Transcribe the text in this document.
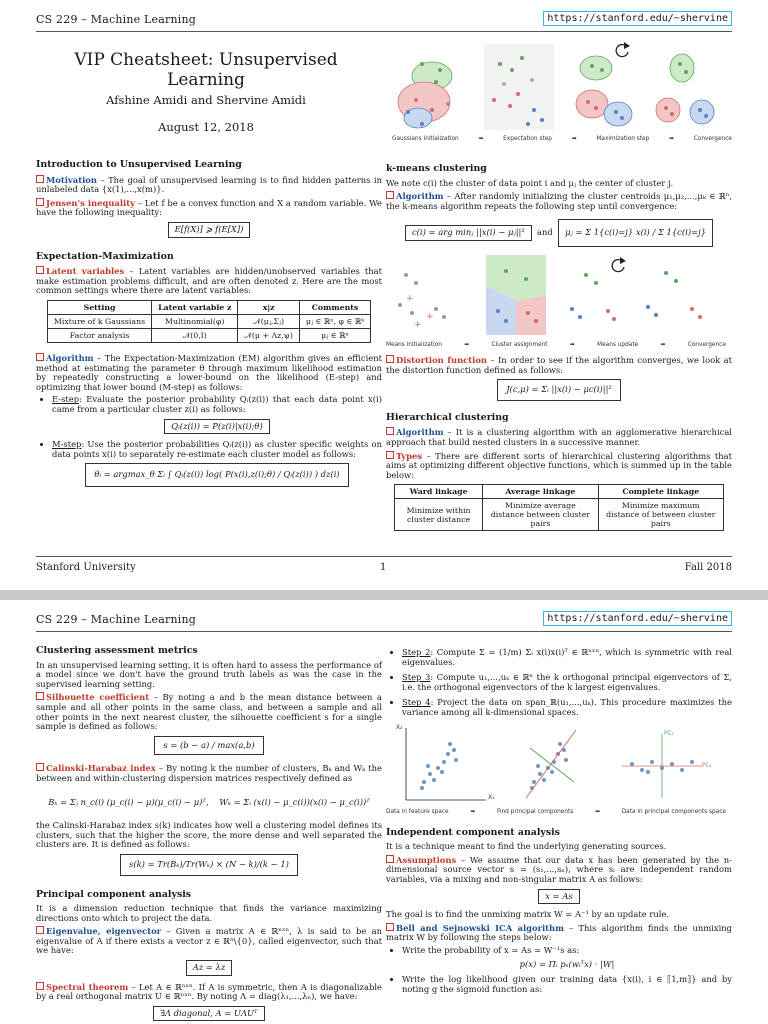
CS 229 – Machine Learning	https://stanford.edu/~shervine
VIP Cheatsheet: Unsupervised Learning
Afshine Amidi and Shervine Amidi
August 12, 2018
Gaussians initialization	➡	Expectation step	➡	Maximization step	➡	Convergence
Introduction to Unsupervised Learning

Motivation – The goal of unsupervised learning is to find hidden patterns in unlabeled data {x(1),...,x(m)}.

Jensen's inequality – Let f be a convex function and X a random variable. We have the following inequality:

E[f(X)] ⩾ f(E[X])
Expectation-Maximization

Latent variables – Latent variables are hidden/unobserved variables that make estimation problems difficult, and are often denoted z. Here are the most common settings where there are latent variables:

Setting	Latent variable z	x|z	Comments
Mixture of k Gaussians	Multinomial(φ)	𝒩(μⱼ,Σⱼ)	μⱼ ∈ ℝⁿ, φ ∈ ℝᵏ
Factor analysis	𝒩(0,I)	𝒩(μ + Λz,ψ)	μⱼ ∈ ℝⁿ

Algorithm – The Expectation-Maximization (EM) algorithm gives an efficient method at estimating the parameter θ through maximum likelihood estimation by repeatedly constructing a lower-bound on the likelihood (E-step) and optimizing that lower bound (M-step) as follows:

• E-step: Evaluate the posterior probability Qᵢ(z(i)) that each data point x(i) came from a particular cluster z(i) as follows:
Qᵢ(z(i)) = P(z(i)|x(i);θ)
• M-step: Use the posterior probabilities Qᵢ(z(i)) as cluster specific weights on data points x(i) to separately re-estimate each cluster model as follows:
θᵢ = argmax_θ Σᵢ ∫ Qᵢ(z(i)) log( P(x(i),z(i);θ) / Qᵢ(z(i)) ) dz(i)
k-means clustering

We note c(i) the cluster of data point i and μⱼ the center of cluster j.

Algorithm – After randomly initializing the cluster centroids μ₁,μ₂,...,μₖ ∈ ℝⁿ, the k-means algorithm repeats the following step until convergence:

c(i) = arg minⱼ ||x(i) − μⱼ||² and μⱼ = Σ 1{c(i)=j} x(i) / Σ 1{c(i)=j}
+
+
+
Means initialization	➡	Cluster assignment	➡	Means update	➡	Convergence

Distortion function – In order to see if the algorithm converges, we look at the distortion function defined as follows:

J(c,μ) = Σᵢ ||x(i) − μc(i)||²
Hierarchical clustering

Algorithm – It is a clustering algorithm with an agglomerative hierarchical approach that build nested clusters in a successive manner.

Types – There are different sorts of hierarchical clustering algorithms that aims at optimizing different objective functions, which is summed up in the table below:

Ward linkage	Average linkage	Complete linkage
Minimize within cluster distance	Minimize average distance between cluster pairs	Minimize maximum distance of between cluster pairs
Stanford University	1	Fall 2018
CS 229 – Machine Learning	https://stanford.edu/~shervine
Clustering assessment metrics

In an unsupervised learning setting, it is often hard to assess the performance of a model since we don't have the ground truth labels as was the case in the supervised learning setting.

Silhouette coefficient – By noting a and b the mean distance between a sample and all other points in the same class, and between a sample and all other points in the next nearest cluster, the silhouette coefficient s for a single sample is defined as follows:

s = (b − a) / max(a,b)

Calinski-Harabaz index – By noting k the number of clusters, Bₖ and Wₖ the between and within-clustering dispersion matrices respectively defined as

Bₖ = Σⱼ n_c(i) (μ_c(i) − μ)(μ_c(i) − μ)ᵀ,    Wₖ = Σᵢ (x(i) − μ_c(i))(x(i) − μ_c(i))ᵀ

the Calinski-Harabaz index s(k) indicates how well a clustering model defines its clusters, such that the higher the score, the more dense and well separated the clusters are. It is defined as follows:

s(k) = Tr(Bₖ)/Tr(Wₖ) × (N − k)/(k − 1)
Principal component analysis

It is a dimension reduction technique that finds the variance maximizing directions onto which to project the data.

Eigenvalue, eigenvector – Given a matrix A ∈ ℝⁿˣⁿ, λ is said to be an eigenvalue of A if there exists a vector z ∈ ℝⁿ\{0}, called eigenvector, such that we have:

Az = λz

Spectral theorem – Let A ∈ ℝⁿˣⁿ. If A is symmetric, then A is diagonalizable by a real orthogonal matrix U ∈ ℝⁿˣⁿ. By noting Λ = diag(λ₁,...,λₙ), we have:

∃Λ diagonal, A = UΛUᵀ
• Step 2: Compute Σ = (1/m) Σᵢ x(i)x(i)ᵀ ∈ ℝⁿˣⁿ, which is symmetric with real eigenvalues.
• Step 3: Compute u₁,...,uₖ ∈ ℝⁿ the k orthogonal principal eigenvectors of Σ, i.e. the orthogonal eigenvectors of the k largest eigenvalues.
• Step 4: Project the data on span_ℝ(u₁,...,uₖ). This procedure maximizes the variance among all k-dimensional spaces.
X₂
X₁
PC₂
PC₁
Data in feature space	➡	Find principal components	➡	Data in principal components space
Independent component analysis

It is a technique meant to find the underlying generating sources.

Assumptions – We assume that our data x has been generated by the n-dimensional source vector s = (s₁,...,sₙ), where sᵢ are independent random variables, via a mixing and non-singular matrix A as follows:

x = As

The goal is to find the unmixing matrix W = A⁻¹ by an update rule.

Bell and Sejnowski ICA algorithm – This algorithm finds the unmixing matrix W by following the steps below:

• Write the probability of x = As = W⁻¹s as:
p(x) = Πᵢ pₛ(wᵢᵀx) · |W|
• Write the log likelihood given our training data {x(i), i ∈ ⟦1,m⟧} and by noting g the sigmoid function as:
